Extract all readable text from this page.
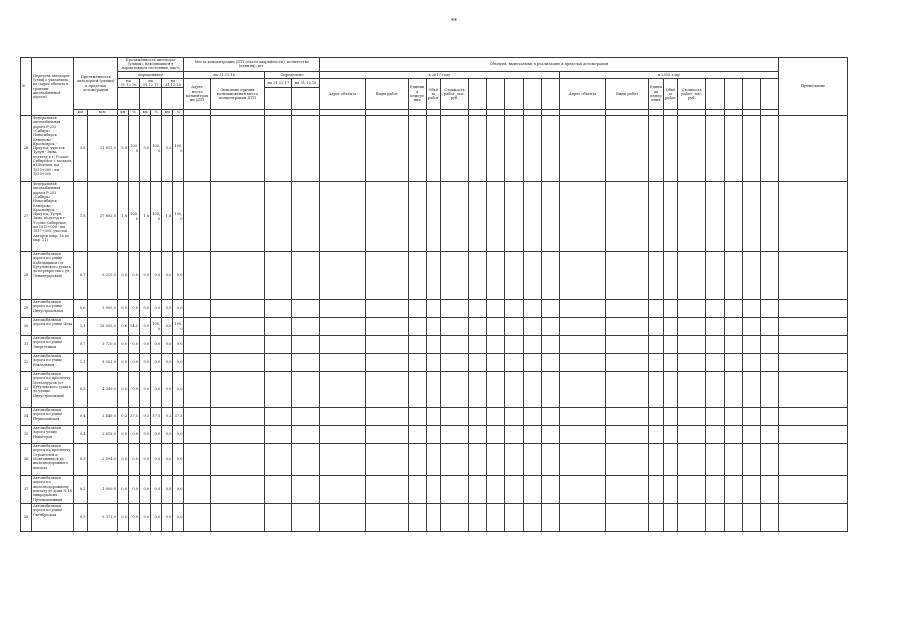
**
№	Перечень автодорог (улиц) с указанием их (адрес объекта и границы автомобильной дороги)	Протяжённость автодороги (улицы) в пределах агломерации		Протяжённость автодорог (улицы), находящихся в нормативном состоянии, км/%						Места концентрации ДТП (очаги аварийности), количество (единиц), шт.				Объекты, включаемые в реализацию в пределах агломерации																			Примечание
				нормативное						на 31.12.16		Определено		в 2017 году										в 2018 году									
				на 31.12.16		на 31.12.17		на 31.12.18		Адрес места концентрации ДТП	Описание причин возникновения места концентрации ДТП	на 31.12.17	на 31.12.18	Адрес объекта	Виды работ	Единица измерения	Объём работ	Стоимость работ, тыс. руб.						Адрес объекта	Виды работ	Единица измерения	Объём работ	Стоимость работ, тыс. руб.					

		км	м/м	км	%	км	%	км	%																								
26	Федеральная автомобильная дорога Р-255 «Сибирь» Новосибирск - Кемерово - Красноярск - Иркутск, участок Тулун - Зима, подъезд к г. Усолье-Сибирское с заездом в Шелехов, км 1815+000 - км 1819+000	3,8	11 613,0	3,8	100,0	0,0	100,0	0,0	100,0																								
27	Федеральная автомобильная дорога Р-255 «Сибирь» Новосибирск - Кемерово - Красноярск - Иркутск, Тулун, Зима, подъезд к г. Усолье-Сибирское, км 1815+000 - км 1817+000, участок Ангарск (мкр. 16 до мкр. 21)	1,8	27 682,5	1,8	100,0	1,8	100,0	1,8	100,0																								
28	Автомобильная дорога по улице Кабельщиков (от Кутуловского тракта до перекрестка с ул. Ленинградская)	0,7	5 210,5	0,0	0,0	0,0	0,0	0,0	0,0																								
29	Автомобильная дорога по улице Индустриальная	0,6	3 900,0	0,0	0,0	0,0	0,0	0,0	0,0																								
30	Автомобильная дорога по улице Цеха	1,1	16 050,0	0,6	54,5	0,0	100,0	0,0	100,0																								
31	Автомобильная дорога по улице Энергетиков	0,7	3 720,0	0,0	0,0	0,0	0,0	0,0	0,0																								
32	Автомобильная дорога по улице Вокзальная	1,1	8 051,0	0,0	0,0	0,0	0,0	0,0	0,0																								
33	Автомобильная дорога по проспекту Металлургов (от Кутуловского тракта до улицы Индустриальная)	0,5	4 349,0	0,0	0,0	0,0	0,0	0,0	0,0																								
34	Автомобильная дорога по улице Первомайская	0,4	2 446,0	0,2	37,5	0,2	37,5	0,2	37,5																								
35	Автомобильная дорога улице Новаторов	0,4	2 618,0	0,0	0,0	0,0	0,0	0,0	0,0																								
36	Автомобильная дорога по проспекту Строителей и Монтажников до железнодорожного вокзала	0,3	2 394,0	0,0	0,0	0,0	0,0	0,0	0,0																								
37	Автомобильная дорога по железнодорожному вокзалу до дома № 18 микрорайона Промышленный	0,2	1 000,0	0,0	0,0	0,0	0,0	0,0	0,0																								
38	Автомобильная дорога по улице Октябрьская	0,9	5 371,0	0,0	0,0	0,0	0,0	0,0	0,0																								
